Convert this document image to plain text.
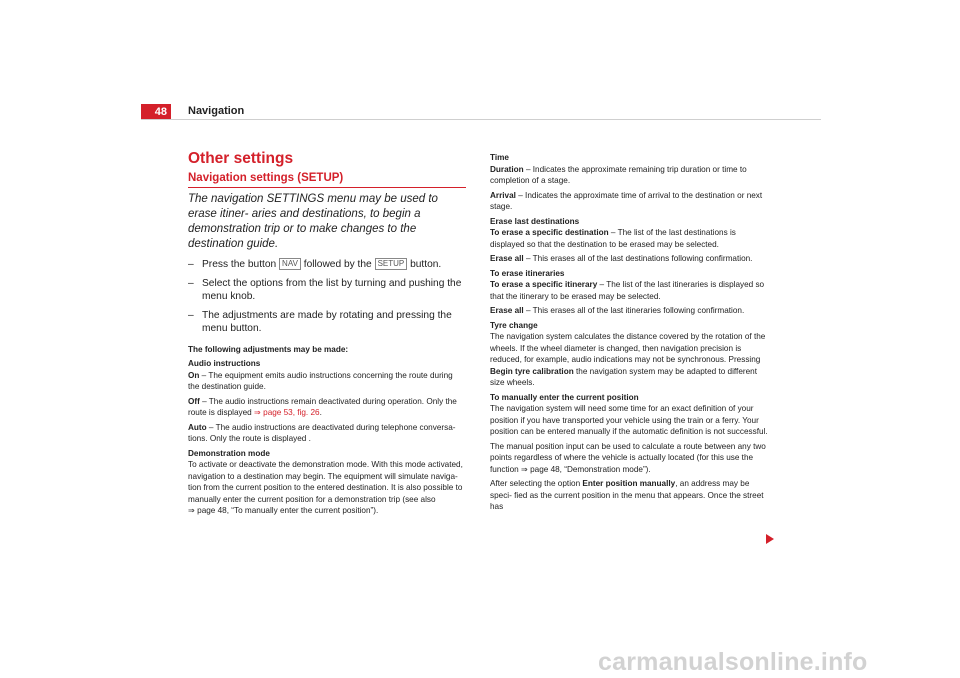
48	Navigation
Other settings
Navigation settings (SETUP)
The navigation SETTINGS menu may be used to erase itiner- aries and destinations, to begin a demonstration trip or to make changes to the destination guide.
– Press the button NAV followed by the SETUP button.
– Select the options from the list by turning and pushing the menu knob.
– The adjustments are made by rotating and pressing the menu button.

The following adjustments may be made:

Audio instructions

On – The equipment emits audio instructions concerning the route during the destination guide.

Off – The audio instructions remain deactivated during operation. Only the route is displayed ⇒ page 53, fig. 26.

Auto – The audio instructions are deactivated during telephone conversa- tions. Only the route is displayed .

Demonstration mode

To activate or deactivate the demonstration mode. With this mode activated, navigation to a destination may begin. The equipment will simulate naviga- tion from the current position to the entered destination. It is also possible to manually enter the current position for a demonstration trip (see also
⇒ page 48, “To manually enter the current position”).

Time

Duration – Indicates the approximate remaining trip duration or time to completion of a stage.

Arrival – Indicates the approximate time of arrival to the destination or next stage.

Erase last destinations

To erase a specific destination – The list of the last destinations is displayed so that the destination to be erased may be selected.

Erase all – This erases all of the last destinations following confirmation.

To erase itineraries

To erase a specific itinerary – The list of the last itineraries is displayed so that the itinerary to be erased may be selected.

Erase all – This erases all of the last itineraries following confirmation.

Tyre change

The navigation system calculates the distance covered by the rotation of the wheels. If the wheel diameter is changed, then navigation precision is reduced, for example, audio indications may not be synchronous. Pressing Begin tyre calibration the navigation system may be adapted to different size wheels.

To manually enter the current position

The navigation system will need some time for an exact definition of your position if you have transported your vehicle using the train or a ferry. Your position can be entered manually if the automatic definition is not successful.

The manual position input can be used to calculate a route between any two points regardless of where the vehicle is actually located (for this use the function ⇒ page 48, “Demonstration mode”).

After selecting the option Enter position manually, an address may be speci- fied as the current position in the menu that appears. Once the street has

carmanualsonline.info
